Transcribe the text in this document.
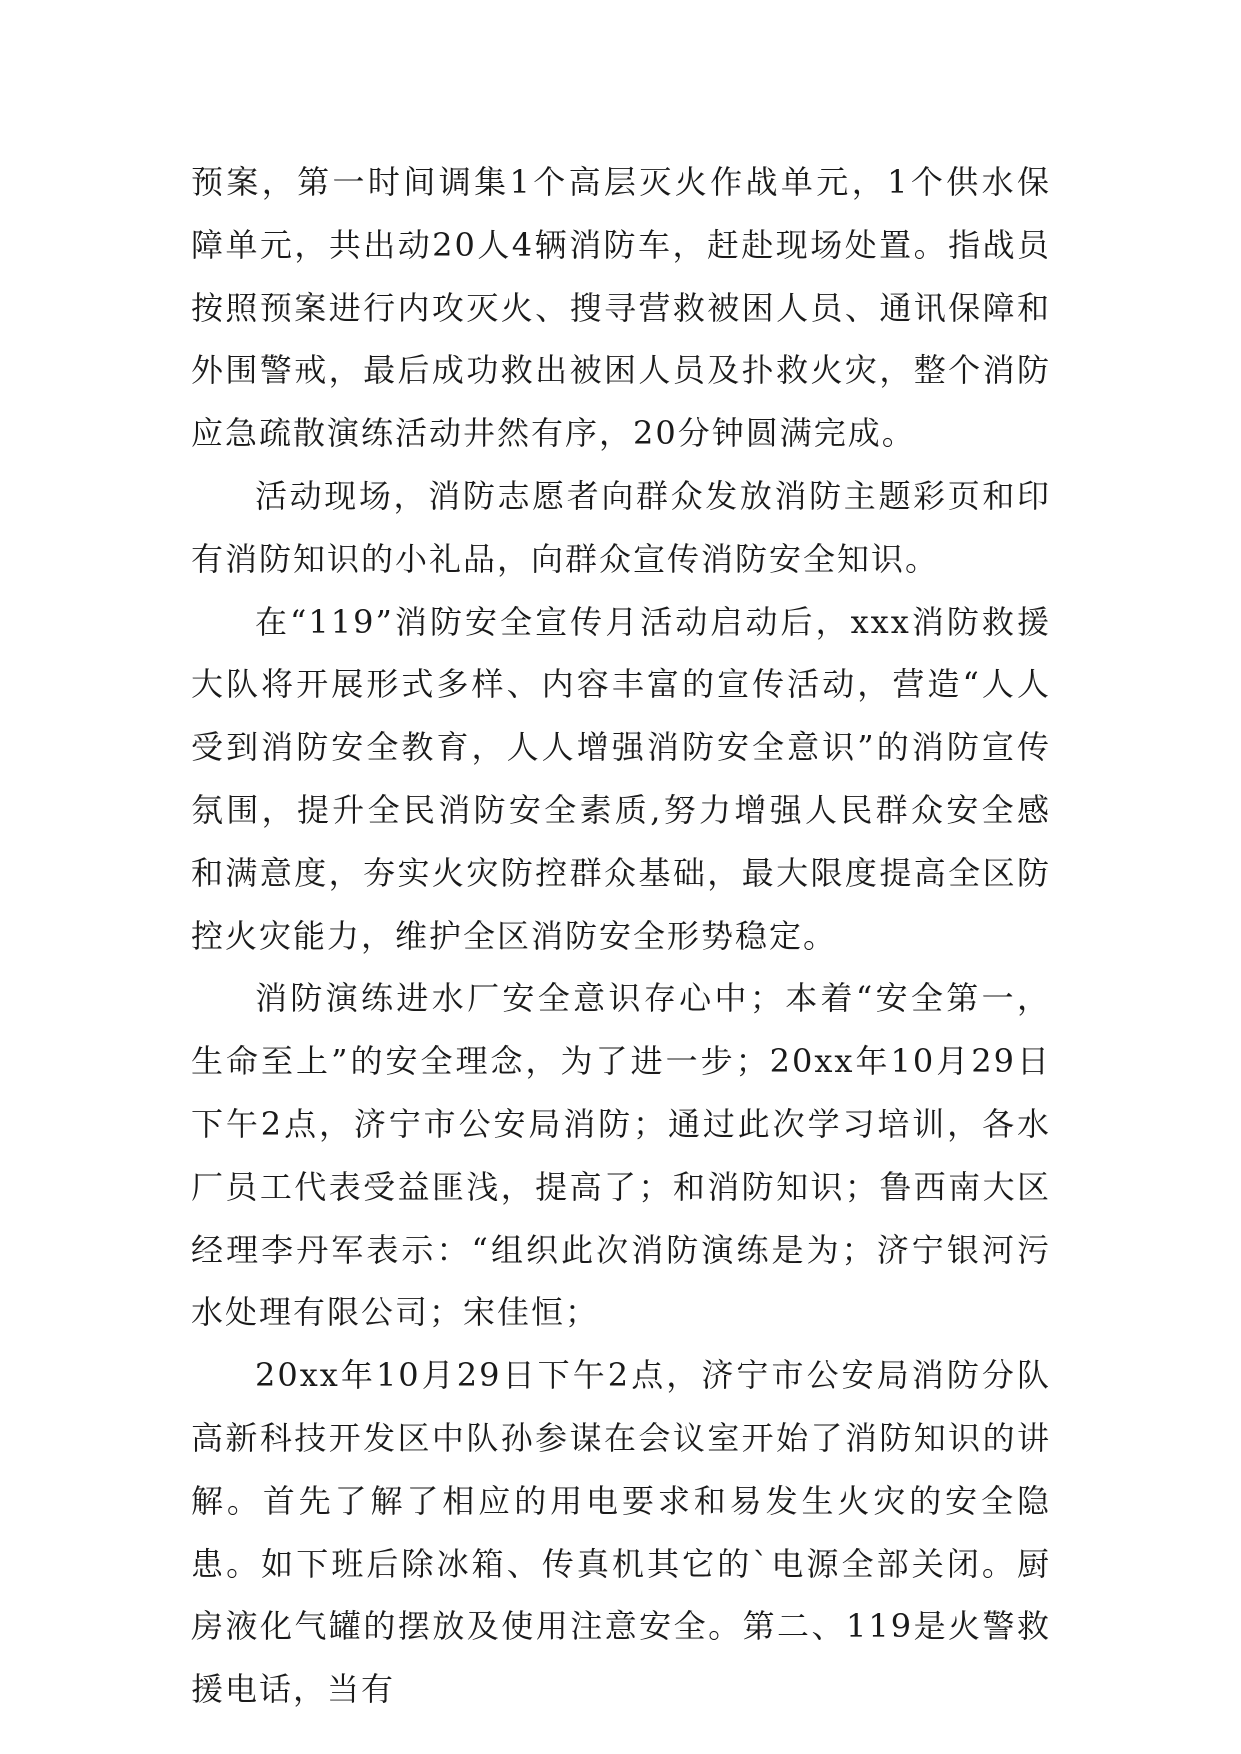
预案，第一时间调集1个高层灭火作战单元，1个供水保障单元，共出动20人4辆消防车，赶赴现场处置。指战员按照预案进行内攻灭火、搜寻营救被困人员、通讯保障和外围警戒，最后成功救出被困人员及扑救火灾，整个消防应急疏散演练活动井然有序，20分钟圆满完成。

活动现场，消防志愿者向群众发放消防主题彩页和印有消防知识的小礼品，向群众宣传消防安全知识。

在“119”消防安全宣传月活动启动后，xxx消防救援大队将开展形式多样、内容丰富的宣传活动，营造“人人受到消防安全教育，人人增强消防安全意识”的消防宣传氛围，提升全民消防安全素质,努力增强人民群众安全感和满意度，夯实火灾防控群众基础，最大限度提高全区防控火灾能力，维护全区消防安全形势稳定。

消防演练进水厂安全意识存心中；本着“安全第一，生命至上”的安全理念，为了进一步；20xx年10月29日下午2点，济宁市公安局消防；通过此次学习培训，各水厂员工代表受益匪浅，提高了；和消防知识；鲁西南大区经理李丹军表示：“组织此次消防演练是为；济宁银河污水处理有限公司；宋佳恒；

20xx年10月29日下午2点，济宁市公安局消防分队高新科技开发区中队孙参谋在会议室开始了消防知识的讲解。首先了解了相应的用电要求和易发生火灾的安全隐患。如下班后除冰箱、传真机其它的`电源全部关闭。厨房液化气罐的摆放及使用注意安全。第二、119是火警救援电话，当有
